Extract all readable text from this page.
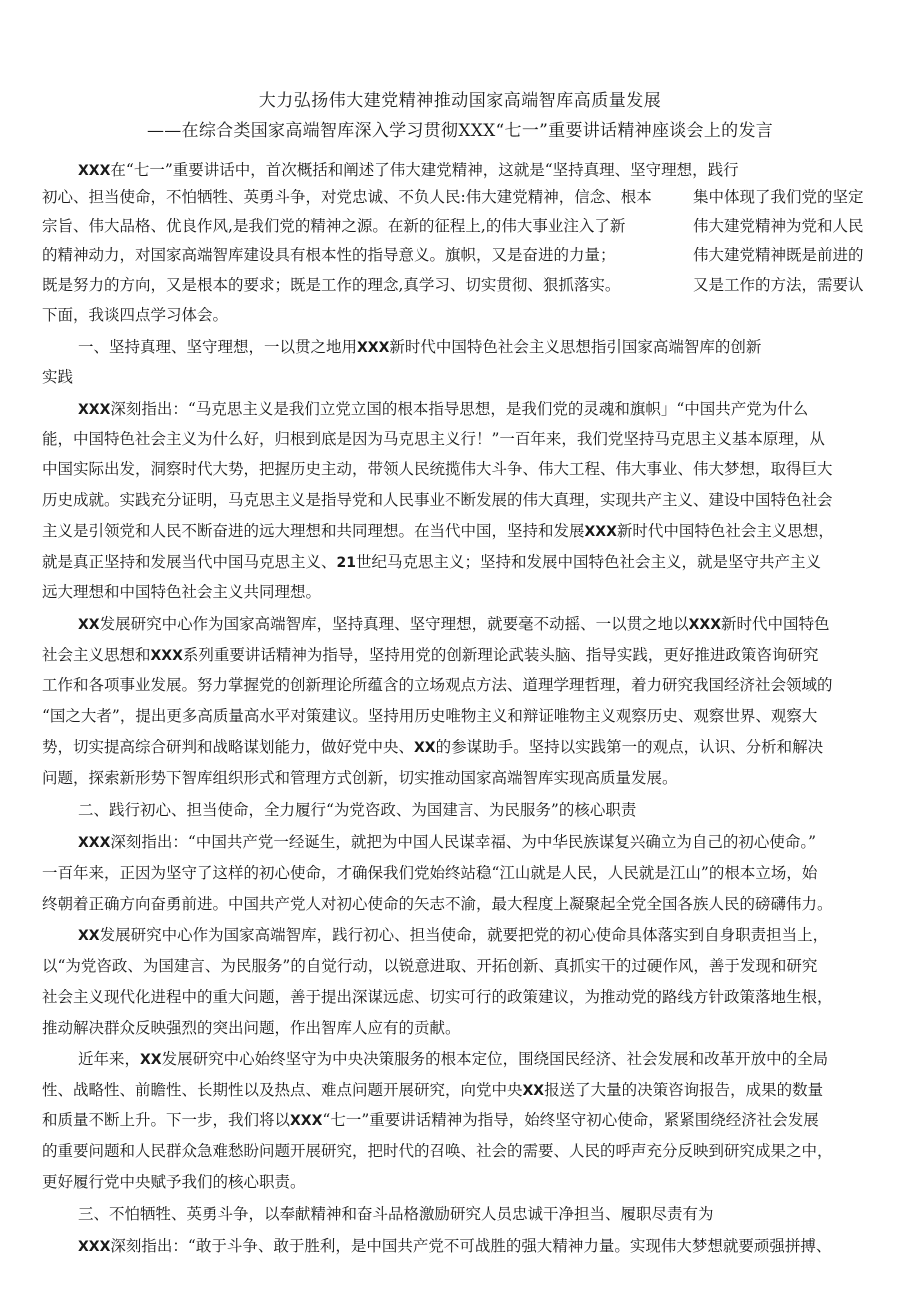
大力弘扬伟大建党精神推动国家高端智库高质量发展
——在综合类国家高端智库深入学习贯彻XXX“七一”重要讲话精神座谈会上的发言
XXX在“七一”重要讲话中，首次概括和阐述了伟大建党精神，这就是“坚持真理、坚守理想，践行
初心、担当使命，不怕牺牲、英勇斗争，对党忠诚、不负人民:伟大建党精神，信念、根本	集中体现了我们党的坚定
宗旨、伟大品格、优良作风,是我们党的精神之源。在新的征程上,的伟大事业注入了新	伟大建党精神为党和人民
的精神动力，对国家高端智库建设具有根本性的指导意义。旗帜，又是奋进的力量；	伟大建党精神既是前进的
既是努力的方向，又是根本的要求；既是工作的理念,真学习、切实贯彻、狠抓落实。	又是工作的方法，需要认
下面，我谈四点学习体会。
一、坚持真理、坚守理想，一以贯之地用XXX新时代中国特色社会主义思想指引国家高端智库的创新
实践
XXX深刻指出：“马克思主义是我们立党立国的根本指导思想，是我们党的灵魂和旗帜」“中国共产党为什么
能，中国特色社会主义为什么好，归根到底是因为马克思主义行！”一百年来，我们党坚持马克思主义基本原理，从
中国实际出发，洞察时代大势，把握历史主动，带领人民统揽伟大斗争、伟大工程、伟大事业、伟大梦想，取得巨大
历史成就。实践充分证明，马克思主义是指导党和人民事业不断发展的伟大真理，实现共产主义、建设中国特色社会
主义是引领党和人民不断奋进的远大理想和共同理想。在当代中国，坚持和发展XXX新时代中国特色社会主义思想，
就是真正坚持和发展当代中国马克思主义、21世纪马克思主义；坚持和发展中国特色社会主义，就是坚守共产主义
远大理想和中国特色社会主义共同理想。
XX发展研究中心作为国家高端智库，坚持真理、坚守理想，就要毫不动摇、一以贯之地以XXX新时代中国特色
社会主义思想和XXX系列重要讲话精神为指导，坚持用党的创新理论武装头脑、指导实践，更好推进政策咨询研究
工作和各项事业发展。努力掌握党的创新理论所蕴含的立场观点方法、道理学理哲理，着力研究我国经济社会领域的
“国之大者”，提出更多高质量高水平对策建议。坚持用历史唯物主义和辩证唯物主义观察历史、观察世界、观察大
势，切实提高综合研判和战略谋划能力，做好党中央、XX的参谋助手。坚持以实践第一的观点，认识、分析和解决
问题，探索新形势下智库组织形式和管理方式创新，切实推动国家高端智库实现高质量发展。
二、践行初心、担当使命，全力履行“为党咨政、为国建言、为民服务”的核心职责
XXX深刻指出：“中国共产党一经诞生，就把为中国人民谋幸福、为中华民族谋复兴确立为自己的初心使命。”
一百年来，正因为坚守了这样的初心使命，才确保我们党始终站稳“江山就是人民，人民就是江山”的根本立场，始
终朝着正确方向奋勇前进。中国共产党人对初心使命的矢志不渝，最大程度上凝聚起全党全国各族人民的磅礴伟力。
XX发展研究中心作为国家高端智库，践行初心、担当使命，就要把党的初心使命具体落实到自身职责担当上，
以“为党咨政、为国建言、为民服务”的自觉行动，以锐意进取、开拓创新、真抓实干的过硬作风，善于发现和研究
社会主义现代化进程中的重大问题，善于提出深谋远虑、切实可行的政策建议，为推动党的路线方针政策落地生根，
推动解决群众反映强烈的突出问题，作出智库人应有的贡献。
近年来，XX发展研究中心始终坚守为中央决策服务的根本定位，围绕国民经济、社会发展和改革开放中的全局
性、战略性、前瞻性、长期性以及热点、难点问题开展研究，向党中央XX报送了大量的决策咨询报告，成果的数量
和质量不断上升。下一步，我们将以XXX“七一”重要讲话精神为指导，始终坚守初心使命，紧紧围绕经济社会发展
的重要问题和人民群众急难愁盼问题开展研究，把时代的召唤、社会的需要、人民的呼声充分反映到研究成果之中，
更好履行党中央赋予我们的核心职责。
三、不怕牺牲、英勇斗争，以奉献精神和奋斗品格激励研究人员忠诚干净担当、履职尽责有为
XXX深刻指出：“敢于斗争、敢于胜利，是中国共产党不可战胜的强大精神力量。实现伟大梦想就要顽强拼搏、
